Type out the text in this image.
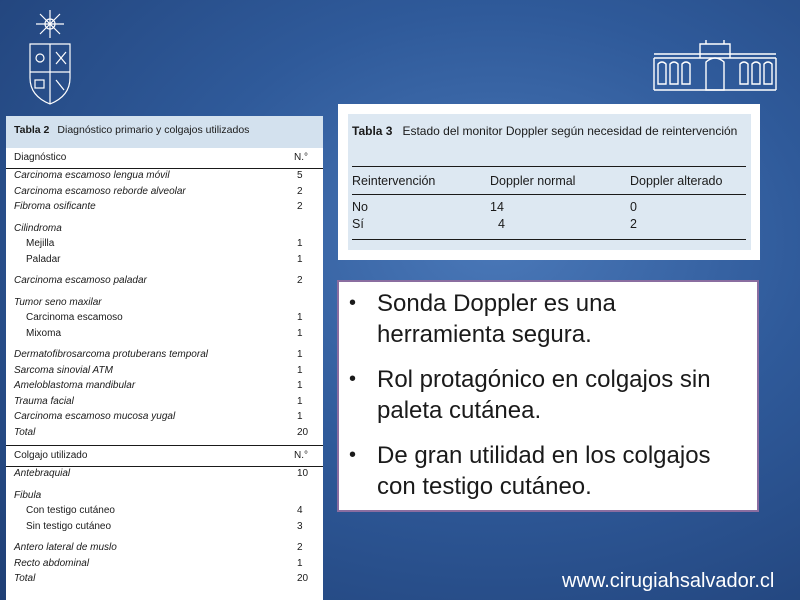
Tabla 2 Diagnóstico primario y colgajos utilizados
Diagnóstico	N.°
Carcinoma escamoso lengua móvil	5
Carcinoma escamoso reborde alveolar	2
Fibroma osificante	2
Cilindroma
Mejilla	1
Paladar	1
Carcinoma escamoso paladar	2
Tumor seno maxilar
Carcinoma escamoso	1
Mixoma	1
Dermatofibrosarcoma protuberans temporal	1
Sarcoma sinovial ATM	1
Ameloblastoma mandibular	1
Trauma facial	1
Carcinoma escamoso mucosa yugal	1
Total	20
Colgajo utilizado	N.°
Antebraquial	10
Fibula
Con testigo cutáneo	4
Sin testigo cutáneo	3
Antero lateral de muslo	2
Recto abdominal	1
Total	20
Tabla 3 Estado del monitor Doppler según necesidad de reintervención
Reintervención	Doppler normal	Doppler alterado
No	14	0
Sí	4	2
• Sonda Doppler es una herramienta segura.
• Rol protagónico en colgajos sin paleta cutánea.
• De gran utilidad en los colgajos con testigo cutáneo.
www.cirugiahsalvador.cl
